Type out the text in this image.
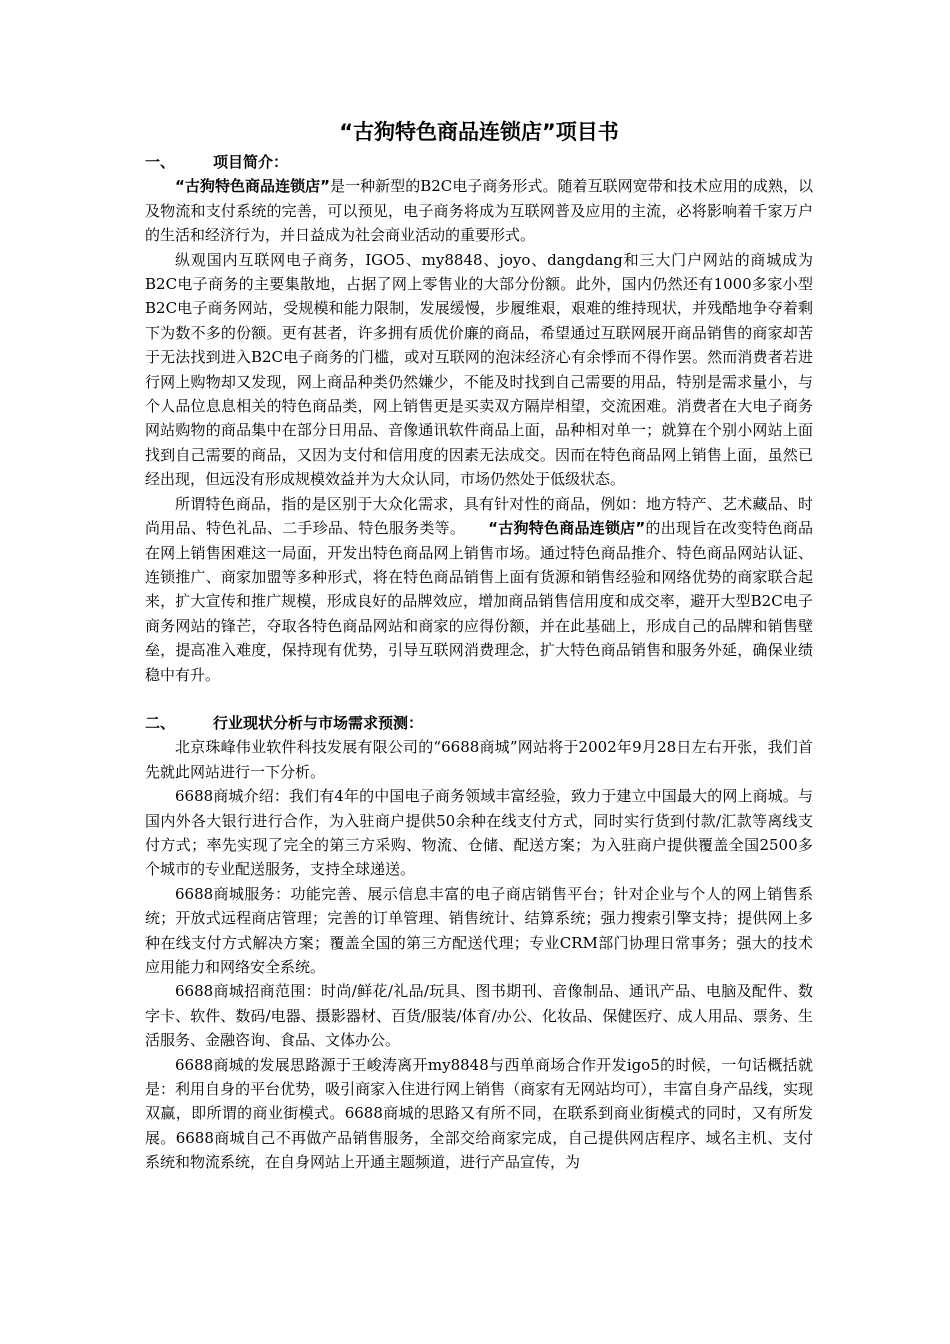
“古狗特色商品连锁店”项目书
一、	项目简介：

“古狗特色商品连锁店”是一种新型的B2C电子商务形式。随着互联网宽带和技术应用的成熟，以及物流和支付系统的完善，可以预见，电子商务将成为互联网普及应用的主流，必将影响着千家万户的生活和经济行为，并日益成为社会商业活动的重要形式。

纵观国内互联网电子商务，IGO5、my8848、joyo、dangdang和三大门户网站的商城成为B2C电子商务的主要集散地，占据了网上零售业的大部分份额。此外，国内仍然还有1000多家小型B2C电子商务网站，受规模和能力限制，发展缓慢，步履维艰，艰难的维持现状，并残酷地争夺着剩下为数不多的份额。更有甚者，许多拥有质优价廉的商品，希望通过互联网展开商品销售的商家却苦于无法找到进入B2C电子商务的门槛，或对互联网的泡沫经济心有余悸而不得作罢。然而消费者若进行网上购物却又发现，网上商品种类仍然嫌少，不能及时找到自己需要的用品，特别是需求量小，与个人品位息息相关的特色商品类，网上销售更是买卖双方隔岸相望，交流困难。消费者在大电子商务网站购物的商品集中在部分日用品、音像通讯软件商品上面，品种相对单一；就算在个别小网站上面找到自己需要的商品，又因为支付和信用度的因素无法成交。因而在特色商品网上销售上面，虽然已经出现，但远没有形成规模效益并为大众认同，市场仍然处于低级状态。

所谓特色商品，指的是区别于大众化需求，具有针对性的商品，例如：地方特产、艺术藏品、时尚用品、特色礼品、二手珍品、特色服务类等。　　“古狗特色商品连锁店”的出现旨在改变特色商品在网上销售困难这一局面，开发出特色商品网上销售市场。通过特色商品推介、特色商品网站认证、连锁推广、商家加盟等多种形式，将在特色商品销售上面有货源和销售经验和网络优势的商家联合起来，扩大宣传和推广规模，形成良好的品牌效应，增加商品销售信用度和成交率，避开大型B2C电子商务网站的锋芒，夺取各特色商品网站和商家的应得份额，并在此基础上，形成自己的品牌和销售壁垒，提高准入难度，保持现有优势，引导互联网消费理念，扩大特色商品销售和服务外延，确保业绩稳中有升。

二、	行业现状分析与市场需求预测：

北京珠峰伟业软件科技发展有限公司的“6688商城”网站将于2002年9月28日左右开张，我们首先就此网站进行一下分析。

6688商城介绍：我们有4年的中国电子商务领域丰富经验，致力于建立中国最大的网上商城。与国内外各大银行进行合作，为入驻商户提供50余种在线支付方式，同时实行货到付款/汇款等离线支付方式；率先实现了完全的第三方采购、物流、仓储、配送方案；为入驻商户提供覆盖全国2500多个城市的专业配送服务，支持全球递送。

6688商城服务：功能完善、展示信息丰富的电子商店销售平台；针对企业与个人的网上销售系统；开放式远程商店管理；完善的订单管理、销售统计、结算系统；强力搜索引擎支持；提供网上多种在线支付方式解决方案；覆盖全国的第三方配送代理；专业CRM部门协理日常事务；强大的技术应用能力和网络安全系统。

6688商城招商范围：时尚/鲜花/礼品/玩具、图书期刊、音像制品、通讯产品、电脑及配件、数字卡、软件、数码/电器、摄影器材、百货/服装/体育/办公、化妆品、保健医疗、成人用品、票务、生活服务、金融咨询、食品、文体办公。

6688商城的发展思路源于王峻涛离开my8848与西单商场合作开发igo5的时候，一句话概括就是：利用自身的平台优势，吸引商家入住进行网上销售（商家有无网站均可），丰富自身产品线，实现双赢，即所谓的商业街模式。6688商城的思路又有所不同，在联系到商业街模式的同时，又有所发展。6688商城自己不再做产品销售服务，全部交给商家完成，自己提供网店程序、域名主机、支付系统和物流系统，在自身网站上开通主题频道，进行产品宣传，为
